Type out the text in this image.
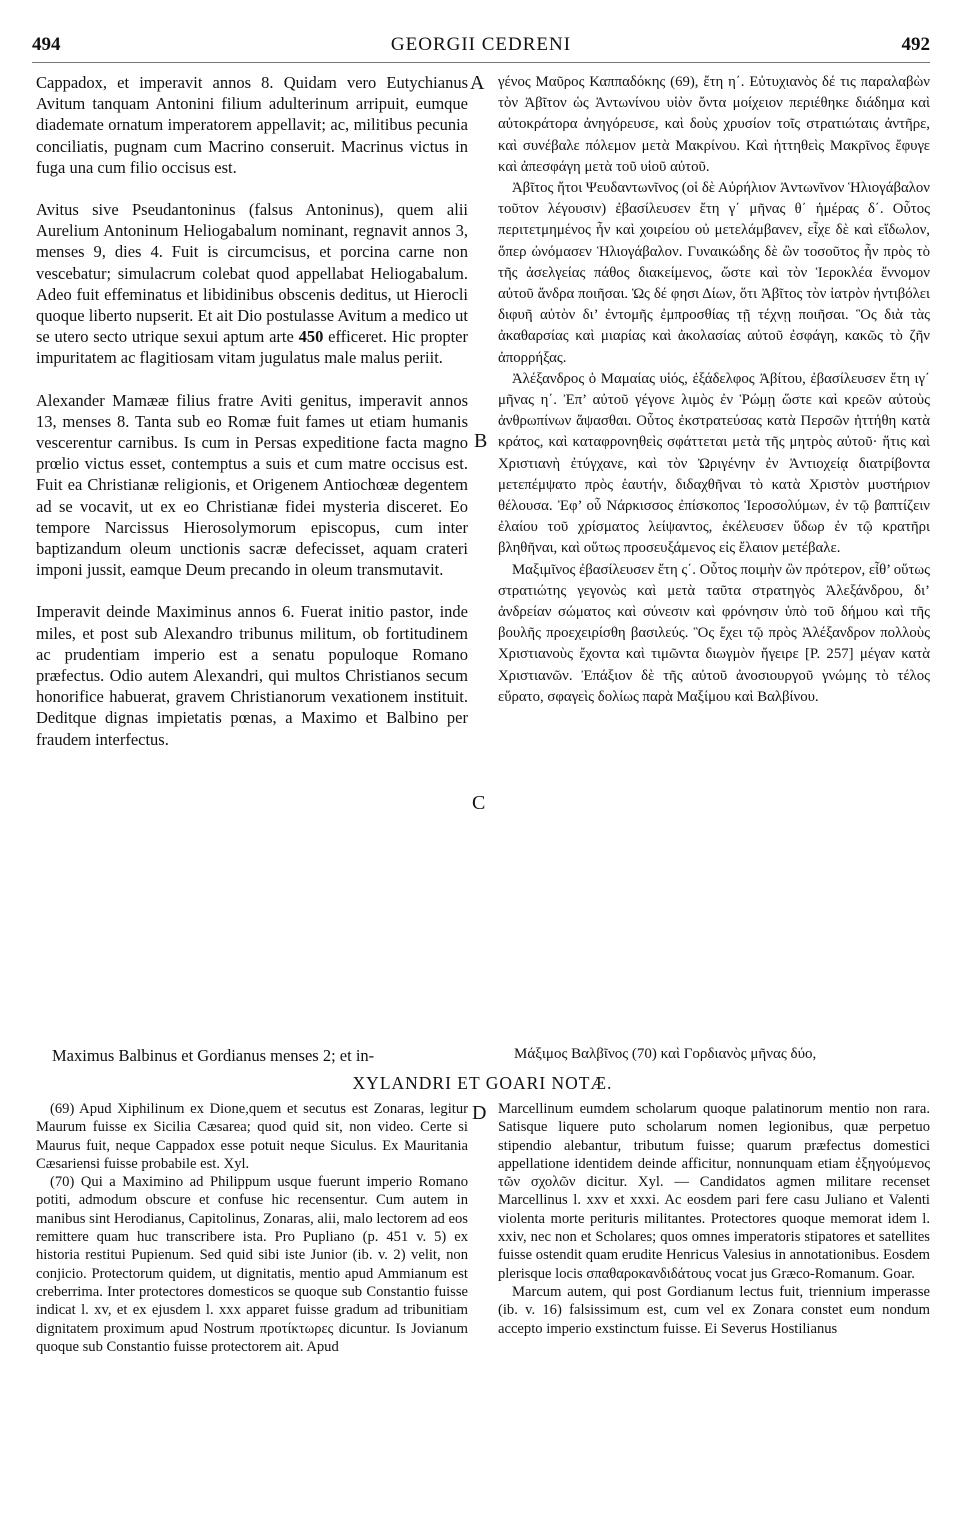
494	GEORGII CEDRENI	492
A
B
C
D

Cappadox, et imperavit annos 8. Quidam vero Eutychianus Avitum tanquam Antonini filium adulterinum arripuit, eumque diademate ornatum imperatorem appellavit; ac, militibus pecunia conciliatis, pugnam cum Macrino conseruit. Macrinus victus in fuga una cum filio occisus est.

Avitus sive Pseudantoninus (falsus Antoninus), quem alii Aurelium Antoninum Heliogabalum nominant, regnavit annos 3, menses 9, dies 4. Fuit is circumcisus, et porcina carne non vescebatur; simulacrum colebat quod appellabat Heliogabalum. Adeo fuit effeminatus et libidinibus obscenis deditus, ut Hierocli quoque liberto nupserit. Et ait Dio postulasse Avitum a medico ut se utero secto utrique sexui aptum arte 450 efficeret. Hic propter impuritatem ac flagitiosam vitam jugulatus male malus periit.

Alexander Mamææ filius fratre Aviti genitus, imperavit annos 13, menses 8. Tanta sub eo Romæ fuit fames ut etiam humanis vescerentur carnibus. Is cum in Persas expeditione facta magno prœlio victus esset, contemptus a suis et cum matre occisus est. Fuit ea Christianæ religionis, et Origenem Antiochœæ degentem ad se vocavit, ut ex eo Christianæ fidei mysteria disceret. Eo tempore Narcissus Hierosolymorum episcopus, cum inter baptizandum oleum unctionis sacræ defecisset, aquam crateri imponi jussit, eamque Deum precando in oleum transmutavit.

Imperavit deinde Maximinus annos 6. Fuerat initio pastor, inde miles, et post sub Alexandro tribunus militum, ob fortitudinem ac prudentiam imperio est a senatu populoque Romano præfectus. Odio autem Alexandri, qui multos Christianos secum honorifice habuerat, gravem Christianorum vexationem instituit. Deditque dignas impietatis pœnas, a Maximo et Balbino per fraudem interfectus.

γένος Μαῦρος Καππαδόκης (69), ἔτη η΄. Εὐτυχιανὸς δέ τις παραλαβὼν τὸν Ἀβῖτον ὡς Ἀντωνίνου υἱὸν ὄντα μοίχειον περιέθηκε διάδημα καὶ αὐτοκράτορα ἀνηγόρευσε, καὶ δοὺς χρυσίον τοῖς στρατιώταις ἀντῆρε, καὶ συνέβαλε πόλεμον μετὰ Μακρίνου. Καὶ ἡττηθεὶς Μακρῖνος ἔφυγε καὶ ἀπεσφάγη μετὰ τοῦ υἱοῦ αὐτοῦ.

Ἀβῖτος ἤτοι Ψευδαντωνῖνος (οἱ δὲ Αὐρήλιον Ἀντωνῖνον Ἡλιογάβαλον τοῦτον λέγουσιν) ἐβασίλευσεν ἔτη γ΄ μῆνας θ΄ ἡμέρας δ΄. Οὗτος περιτετμημένος ἦν καὶ χοιρείου οὐ μετελάμβανεν, εἶχε δὲ καὶ εἴδωλον, ὅπερ ὠνόμασεν Ἡλιογάβαλον. Γυναικώδης δὲ ὢν τοσοῦτος ἦν πρὸς τὸ τῆς ἀσελγείας πάθος διακείμενος, ὥστε καὶ τὸν Ἱεροκλέα ἔννομον αὐτοῦ ἄνδρα ποιῆσαι. Ὡς δέ φησι Δίων, ὅτι Ἀβῖτος τὸν ἰατρὸν ἠντιβόλει διφυῆ αὐτὸν δι’ ἐντομῆς ἐμπροσθίας τῇ τέχνῃ ποιῆσαι. Ὃς διὰ τὰς ἀκαθαρσίας καὶ μιαρίας καὶ ἀκολασίας αὐτοῦ ἐσφάγη, κακῶς τὸ ζῆν ἀπορρήξας.

Ἀλέξανδρος ὁ Μαμαίας υἱός, ἐξάδελφος Ἀβίτου, ἐβασίλευσεν ἔτη ιγ΄ μῆνας η΄. Ἐπ’ αὐτοῦ γέγονε λιμὸς ἐν Ῥώμῃ ὥστε καὶ κρεῶν αὐτοὺς ἀνθρωπίνων ἅψασθαι. Οὗτος ἐκστρατεύσας κατὰ Περσῶν ἡττήθη κατὰ κράτος, καὶ καταφρονηθεὶς σφάττεται μετὰ τῆς μητρὸς αὐτοῦ· ἥτις καὶ Χριστιανὴ ἐτύγχανε, καὶ τὸν Ὠριγένην ἐν Ἀντιοχείᾳ διατρίβοντα μετεπέμψατο πρὸς ἑαυτήν, διδαχθῆναι τὸ κατὰ Χριστὸν μυστήριον θέλουσα. Ἐφ’ οὗ Νάρκισσος ἐπίσκοπος Ἱεροσολύμων, ἐν τῷ βαπτίζειν ἐλαίου τοῦ χρίσματος λείψαντος, ἐκέλευσεν ὕδωρ ἐν τῷ κρατῆρι βληθῆναι, καὶ οὕτως προσευξάμενος εἰς ἔλαιον μετέβαλε.

Μαξιμῖνος ἐβασίλευσεν ἔτη ς΄. Οὗτος ποιμὴν ὢν πρότερον, εἶθ’ οὕτως στρατιώτης γεγονὼς καὶ μετὰ ταῦτα στρατηγὸς Ἀλεξάνδρου, δι’ ἀνδρείαν σώματος καὶ σύνεσιν καὶ φρόνησιν ὑπὸ τοῦ δήμου καὶ τῆς βουλῆς προεχειρίσθη βασιλεύς. Ὃς ἔχει τῷ πρὸς Ἀλέξανδρον πολλοὺς Χριστιανοὺς ἔχοντα καὶ τιμῶντα διωγμὸν ἤγειρε [P. 257] μέγαν κατὰ Χριστιανῶν. Ἐπάξιον δὲ τῆς αὐτοῦ ἀνοσιουργοῦ γνώμης τὸ τέλος εὕρατο, σφαγεὶς δολίως παρὰ Μαξίμου καὶ Βαλβίνου.

Maximus Balbinus et Gordianus menses 2; et in-	Μάξιμος Βαλβῖνος (70) καὶ Γορδιανὸς μῆνας δύο,
XYLANDRI ET GOARI NOTÆ.

(69) Apud Xiphilinum ex Dione,quem et secutus est Zonaras, legitur Maurum fuisse ex Sicilia Cæsarea; quod quid sit, non video. Certe si Maurus fuit, neque Cappadox esse potuit neque Siculus. Ex Mauritania Cæsariensi fuisse probabile est. Xyl.

(70) Qui a Maximino ad Philippum usque fuerunt imperio Romano potiti, admodum obscure et confuse hic recensentur. Cum autem in manibus sint Herodianus, Capitolinus, Zonaras, alii, malo lectorem ad eos remittere quam huc transcribere ista. Pro Pupliano (p. 451 v. 5) ex historia restitui Pupienum. Sed quid sibi iste Junior (ib. v. 2) velit, non conjicio. Protectorum quidem, ut dignitatis, mentio apud Ammianum est creberrima. Inter protectores domesticos se quoque sub Constantio fuisse indicat l. xv, et ex ejusdem l. xxx apparet fuisse gradum ad tribunitiam dignitatem proximum apud Nostrum προτίκτωρες dicuntur. Is Jovianum quoque sub Constantio fuisse protectorem ait. Apud

Marcellinum eumdem scholarum quoque palatinorum mentio non rara. Satisque liquere puto scholarum nomen legionibus, quæ perpetuo stipendio alebantur, tributum fuisse; quarum præfectus domestici appellatione identidem deinde afficitur, nonnunquam etiam ἐξηγούμενος τῶν σχολῶν dicitur. Xyl. — Candidatos agmen militare recenset Marcellinus l. xxv et xxxi. Ac eosdem pari fere casu Juliano et Valenti violenta morte perituris militantes. Protectores quoque memorat idem l. xxiv, nec non et Scholares; quos omnes imperatoris stipatores et satellites fuisse ostendit quam erudite Henricus Valesius in annotationibus. Eosdem plerisque locis σπαθαροκανδιδάτους vocat jus Græco-Romanum. Goar.

Marcum autem, qui post Gordianum lectus fuit, triennium imperasse (ib. v. 16) falsissimum est, cum vel ex Zonara constet eum nondum accepto imperio exstinctum fuisse. Ei Severus Hostilianus
